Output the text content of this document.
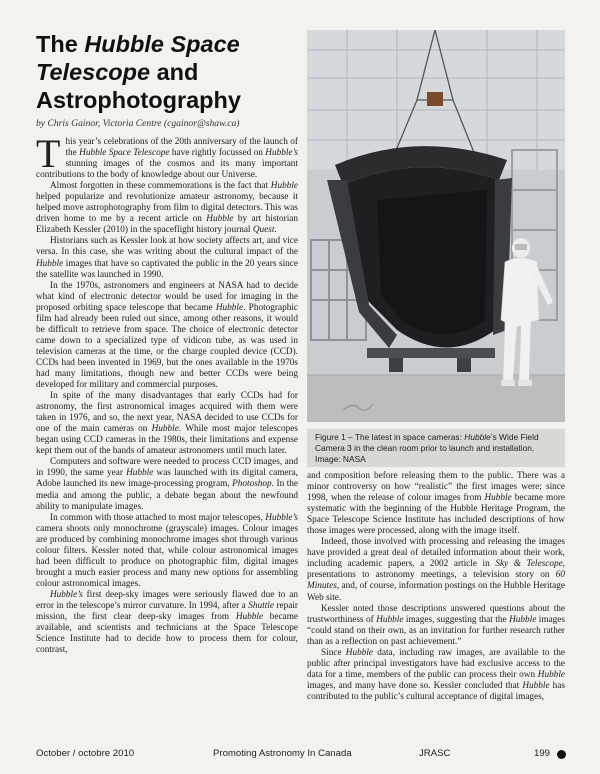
The Hubble Space Telescope and Astrophotography
by Chris Gainor, Victoria Centre (cgainor@shaw.ca)

This year’s celebrations of the 20th anniversary of the launch of the Hubble Space Telescope have rightly focussed on Hubble’s stunning images of the cosmos and its many important contributions to the body of knowledge about our Universe.

Almost forgotten in these commemorations is the fact that Hubble helped popularize and revolutionize amateur astronomy, because it helped move astrophotography from film to digital detectors. This was driven home to me by a recent article on Hubble by art historian Elizabeth Kessler (2010) in the spaceflight history journal Quest.

Historians such as Kessler look at how society affects art, and vice versa. In this case, she was writing about the cultural impact of the Hubble images that have so captivated the public in the 20 years since the satellite was launched in 1990.

In the 1970s, astronomers and engineers at NASA had to decide what kind of electronic detector would be used for imaging in the proposed orbiting space telescope that became Hubble. Photographic film had already been ruled out since, among other reasons, it would be difficult to retrieve from space. The choice of electronic detector came down to a specialized type of vidicon tube, as was used in television cameras at the time, or the charge coupled device (CCD). CCDs had been invented in 1969, but the ones available in the 1970s had many limitations, though new and better CCDs were being developed for military and commercial purposes.

In spite of the many disadvantages that early CCDs had for astronomy, the first astronomical images acquired with them were taken in 1976, and so, the next year, NASA decided to use CCDs for one of the main cameras on Hubble. While most major telescopes began using CCD cameras in the 1980s, their limitations and expense kept them out of the hands of amateur astronomers until much later.

Computers and software were needed to process CCD images, and in 1990, the same year Hubble was launched with its digital camera, Adobe launched its new image-processing program, Photoshop. In the media and among the public, a debate began about the newfound ability to manipulate images.

In common with those attached to most major telescopes, Hubble’s camera shoots only monochrome (grayscale) images. Colour images are produced by combining monochrome images shot through various colour filters. Kessler noted that, while colour astronomical images had been difficult to produce on photographic film, digital images brought a much easier process and many new options for assembling colour astronomical images.

Hubble’s first deep-sky images were seriously flawed due to an error in the telescope’s mirror curvature. In 1994, after a Shuttle repair mission, the first clear deep-sky images from Hubble became available, and scientists and technicians at the Space Telescope Science Institute had to decide how to process them for colour, contrast,

Figure 1 – The latest in space cameras: Hubble’s Wide Field Camera 3 in the clean room prior to launch and installation. Image: NASA

and composition before releasing them to the public. There was a minor controversy on how “realistic” the first images were; since 1998, when the release of colour images from Hubble became more systematic with the beginning of the Hubble Heritage Program, the Space Telescope Science Institute has included descriptions of how those images were processed, along with the image itself.

Indeed, those involved with processing and releasing the images have provided a great deal of detailed information about their work, including academic papers, a 2002 article in Sky & Telescope, presentations to astronomy meetings, a television story on 60 Minutes, and, of course, information postings on the Hubble Heritage Web site.

Kessler noted those descriptions answered questions about the trustworthiness of Hubble images, suggesting that the Hubble images “could stand on their own, as an invitation for further research rather than as a reflection on past achievement.”

Since Hubble data, including raw images, are available to the public after principal investigators have had exclusive access to the data for a time, members of the public can process their own Hubble images, and many have done so. Kessler concluded that Hubble has contributed to the public’s cultural acceptance of digital images,

October / octobre 2010	Promoting Astronomy In Canada	JRASC	199
